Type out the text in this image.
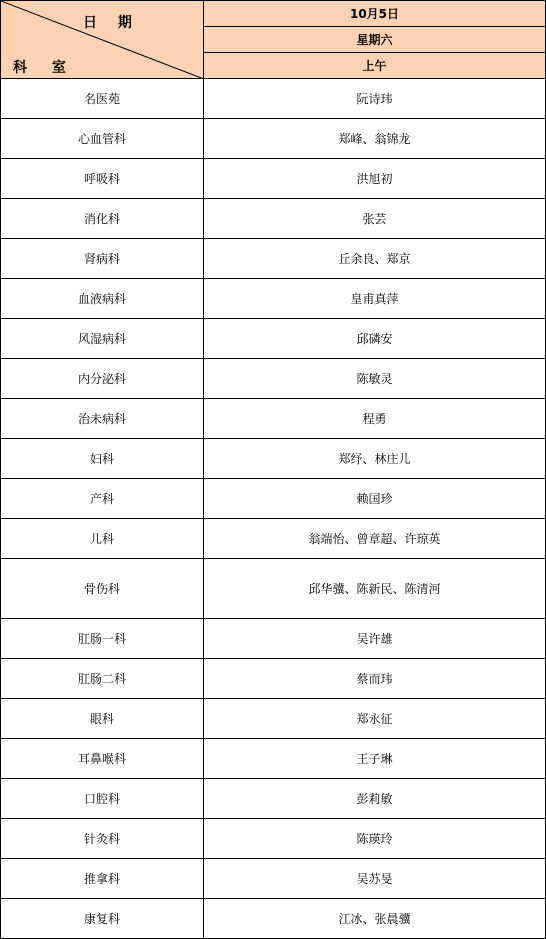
日 期
科 室	10月5日
	星期六
	上午
名医苑	阮诗玮
心血管科	郑峰、翁锦龙
呼吸科	洪旭初
消化科	张芸
肾病科	丘余良、郑京
血液病科	皇甫真萍
风湿病科	邱磷安
内分泌科	陈敏灵
治未病科	程勇
妇科	郑纾、林庄儿
产科	赖国珍
儿科	翁端怡、曾章超、许琼英
骨伤科	邱华骥、陈新民、陈清河
肛肠一科	吴许雄
肛肠二科	蔡而玮
眼科	郑永征
耳鼻喉科	王子琳
口腔科	彭莉敏
针灸科	陈瑛玲
推拿科	吴苏旻
康复科	江冰、张晨骥
